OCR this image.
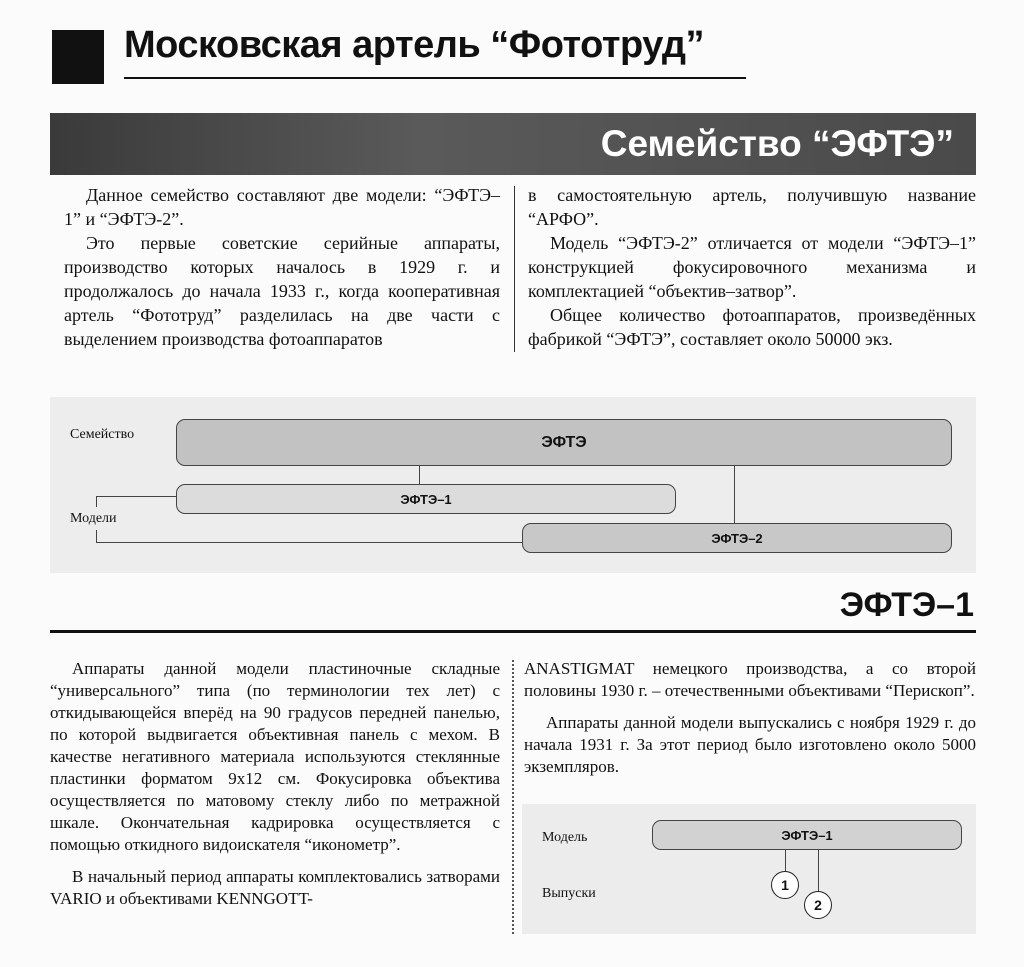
Московская артель “Фототруд”
Семейство “ЭФТЭ”

Данное семейство составляют две модели: “ЭФТЭ–1” и “ЭФТЭ-2”.

Это первые советские серийные аппараты, производство которых началось в 1929 г. и продолжалось до начала 1933 г., когда кооперативная артель “Фототруд” разделилась на две части с выделением производства фотоаппаратов

в самостоятельную артель, получившую название “АРФО”.

Модель “ЭФТЭ-2” отличается от модели “ЭФТЭ–1” конструкцией фокусировочного механизма и комплектацией “объектив–затвор”.

Общее количество фотоаппаратов, произведённых фабрикой “ЭФТЭ”, составляет около 50000 экз.

Семейство
Модели
ЭФТЭ
ЭФТЭ–1
ЭФТЭ–2
ЭФТЭ–1

Аппараты данной модели пластиночные складные “универсального” типа (по терминологии тех лет) с откидывающейся вперёд на 90 градусов передней панелью, по которой выдвигается объективная панель с мехом. В качестве негативного материала используются стеклянные пластинки форматом 9х12 см. Фокусировка объектива осуществляется по матовому стеклу либо по метражной шкале. Окончательная кадрировка осуществляется с помощью откидного видоискателя “иконометр”.

В начальный период аппараты комплектовались затворами VARIO и объективами KENNGOTT-

ANASTIGMAT немецкого производства, а со второй половины 1930 г. – отечественными объективами “Перископ”.

Аппараты данной модели выпускались с ноября 1929 г. до начала 1931 г. За этот период было изготовлено около 5000 экземпляров.

Модель
Выпуски
ЭФТЭ–1
1
2
